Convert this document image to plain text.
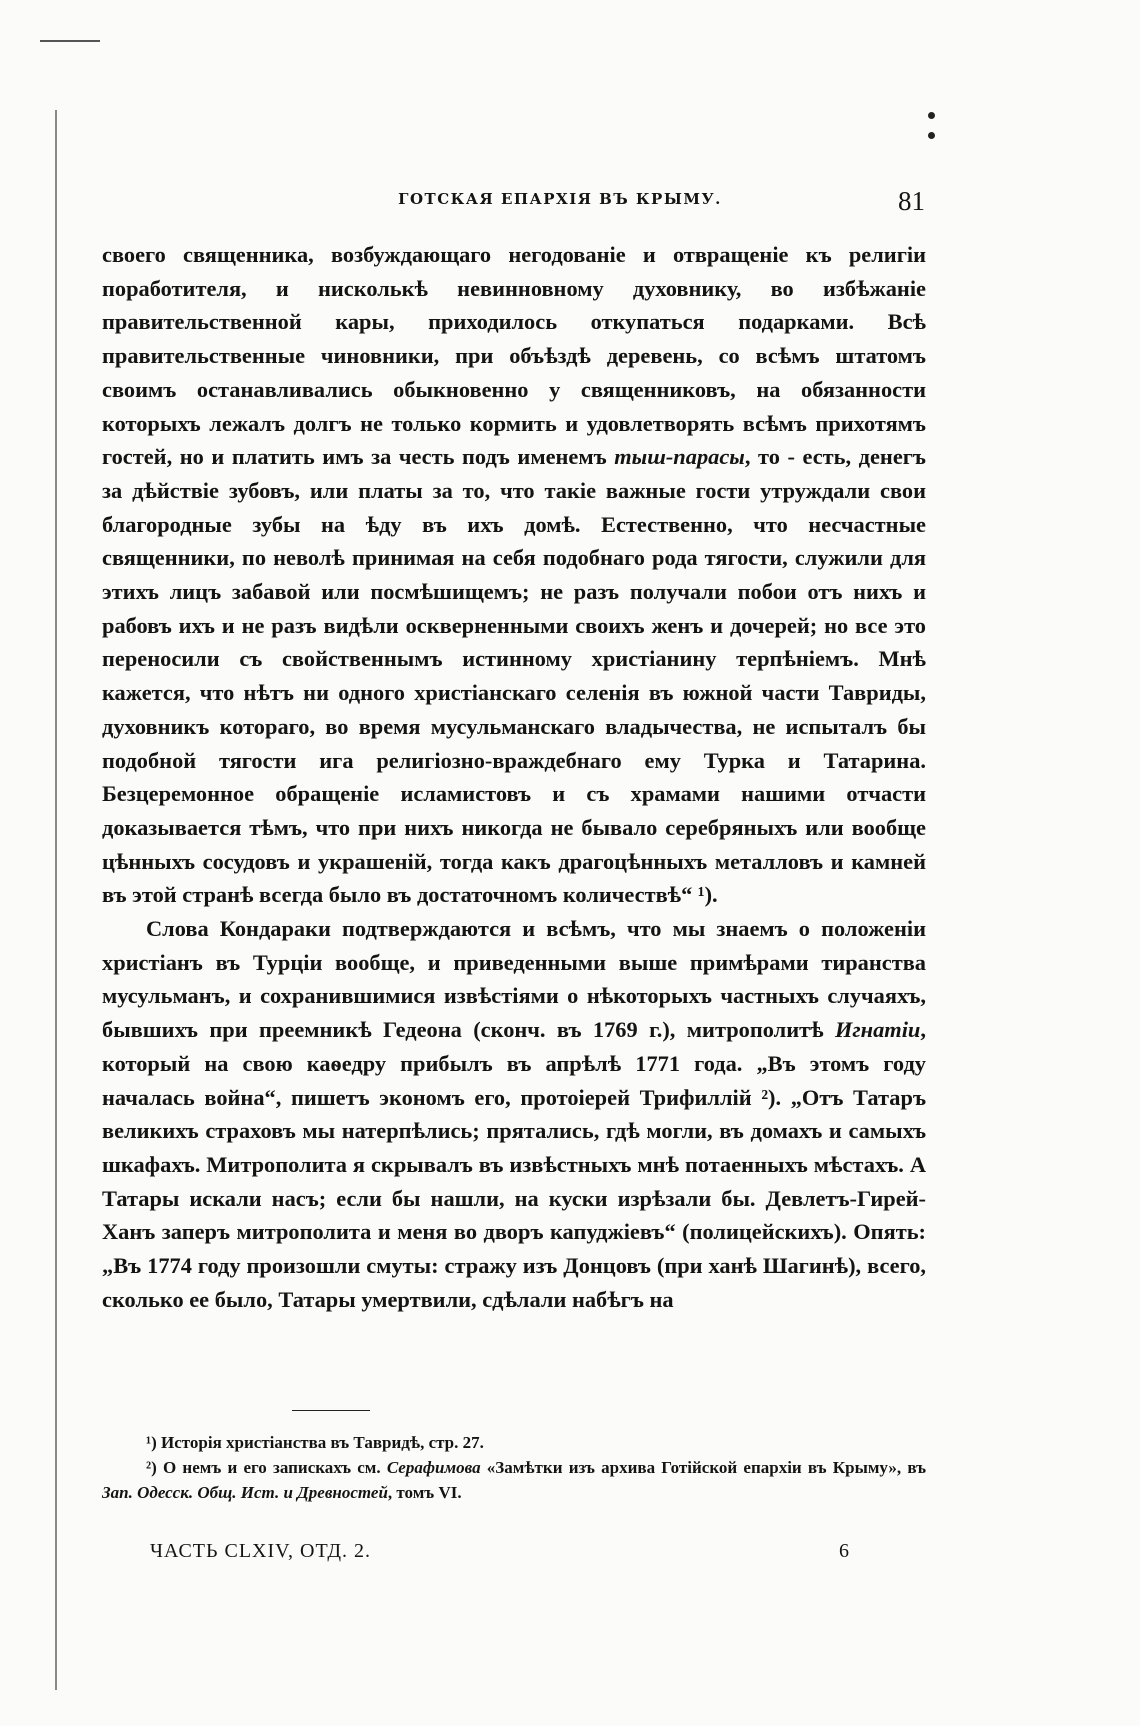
ГОТСКАЯ ЕПАРХІЯ ВЪ КРЫМУ.	81

своего священника, возбуждающаго негодованіе и отвращеніе къ религіи поработителя, и нисколькѣ невинновному духовнику, во избѣжаніе правительственной кары, приходилось откупаться подарками. Всѣ правительственные чиновники, при объѣздѣ деревень, со всѣмъ штатомъ своимъ останавливались обыкновенно у священниковъ, на обязанности которыхъ лежалъ долгъ не только кормить и удовлетворять всѣмъ прихотямъ гостей, но и платить имъ за честь подъ именемъ тыш-парасы, то - есть, денегъ за дѣйствіе зубовъ, или платы за то, что такіе важные гости утруждали свои благородные зубы на ѣду въ ихъ домѣ. Естественно, что несчастные священники, по неволѣ принимая на себя подобнаго рода тягости, служили для этихъ лицъ забавой или посмѣшищемъ; не разъ получали побои отъ нихъ и рабовъ ихъ и не разъ видѣли оскверненными своихъ женъ и дочерей; но все это переносили съ свойственнымъ истинному христіанину терпѣніемъ. Мнѣ кажется, что нѣтъ ни одного христіанскаго селенія въ южной части Тавриды, духовникъ котораго, во время мусульманскаго владычества, не испыталъ бы подобной тягости ига религіозно-враждебнаго ему Турка и Татарина. Безцеремонное обращеніе исламистовъ и съ храмами нашими отчасти доказывается тѣмъ, что при нихъ никогда не бывало серебряныхъ или вообще цѣнныхъ сосудовъ и украшеній, тогда какъ драгоцѣнныхъ металловъ и камней въ этой странѣ всегда было въ достаточномъ количествѣ“ ¹).

Слова Кондараки подтверждаются и всѣмъ, что мы знаемъ о положеніи христіанъ въ Турціи вообще, и приведенными выше примѣрами тиранства мусульманъ, и сохранившимися извѣстіями о нѣкоторыхъ частныхъ случаяхъ, бывшихъ при преемникѣ Гедеона (сконч. въ 1769 г.), митрополитѣ Игнатіи, который на свою каѳедру прибылъ въ апрѣлѣ 1771 года. „Въ этомъ году началась война“, пишетъ экономъ его, протоіерей Трифиллій ²). „Отъ Татаръ великихъ страховъ мы натерпѣлись; прятались, гдѣ могли, въ домахъ и самыхъ шкафахъ. Митрополита я скрывалъ въ извѣстныхъ мнѣ потаенныхъ мѣстахъ. А Татары искали насъ; если бы нашли, на куски изрѣзали бы. Девлетъ-Гирей-Ханъ заперъ митрополита и меня во дворъ капуджіевъ“ (полицейскихъ). Опять: „Въ 1774 году произошли смуты: стражу изъ Донцовъ (при ханѣ Шагинѣ), всего, сколько ее было, Татары умертвили, сдѣлали набѣгъ на

¹) Исторія христіанства въ Тавридѣ, стр. 27.

²) О немъ и его запискахъ см. Серафимова «Замѣтки изъ архива Готійской епархіи въ Крыму», въ Зап. Одесск. Общ. Ист. и Древностей, томъ VI.

ЧАСТЬ CLXIV, ОТД. 2.	6
